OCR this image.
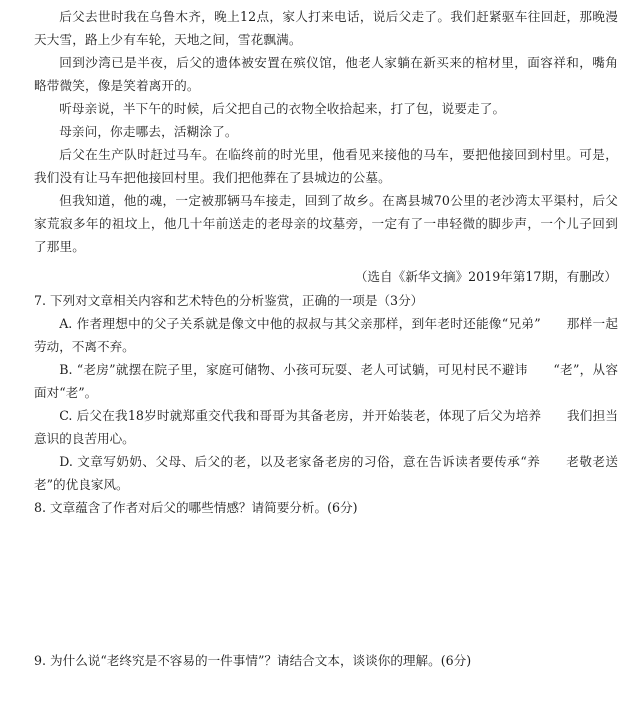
后父去世时我在乌鲁木齐，晚上12点，家人打来电话，说后父走了。我们赶紧驱车往回赶，那晚漫天大雪，路上少有车轮，天地之间，雪花飘满。

回到沙湾已是半夜，后父的遗体被安置在殡仪馆，他老人家躺在新买来的棺材里，面容祥和，嘴角略带微笑，像是笑着离开的。

听母亲说，半下午的时候，后父把自己的衣物全收拾起来，打了包，说要走了。

母亲问，你走哪去，活糊涂了。

后父在生产队时赶过马车。在临终前的时光里，他看见来接他的马车，要把他接回到村里。可是，我们没有让马车把他接回村里。我们把他葬在了县城边的公墓。

但我知道，他的魂，一定被那辆马车接走，回到了故乡。在离县城70公里的老沙湾太平渠村，后父家荒寂多年的祖坟上，他几十年前送走的老母亲的坟墓旁，一定有了一串轻微的脚步声，一个儿子回到了那里。

（选自《新华文摘》2019年第17期，有删改）

7. 下列对文章相关内容和艺术特色的分析鉴赏，正确的一项是（3分）

A. 作者理想中的父子关系就是像文中他的叔叔与其父亲那样，到年老时还能像“兄弟”　　那样一起劳动，不离不弃。

B. “老房”就摆在院子里，家庭可储物、小孩可玩耍、老人可试躺，可见村民不避讳　　“老”，从容面对“老”。

C. 后父在我18岁时就郑重交代我和哥哥为其备老房，并开始装老，体现了后父为培养　　我们担当意识的良苦用心。

D. 文章写奶奶、父母、后父的老，以及老家备老房的习俗，意在告诉读者要传承“养　　老敬老送老”的优良家风。

8. 文章蕴含了作者对后父的哪些情感？请简要分析。(6分)

9. 为什么说“老终究是不容易的一件事情”？请结合文本，谈谈你的理解。(6分)
